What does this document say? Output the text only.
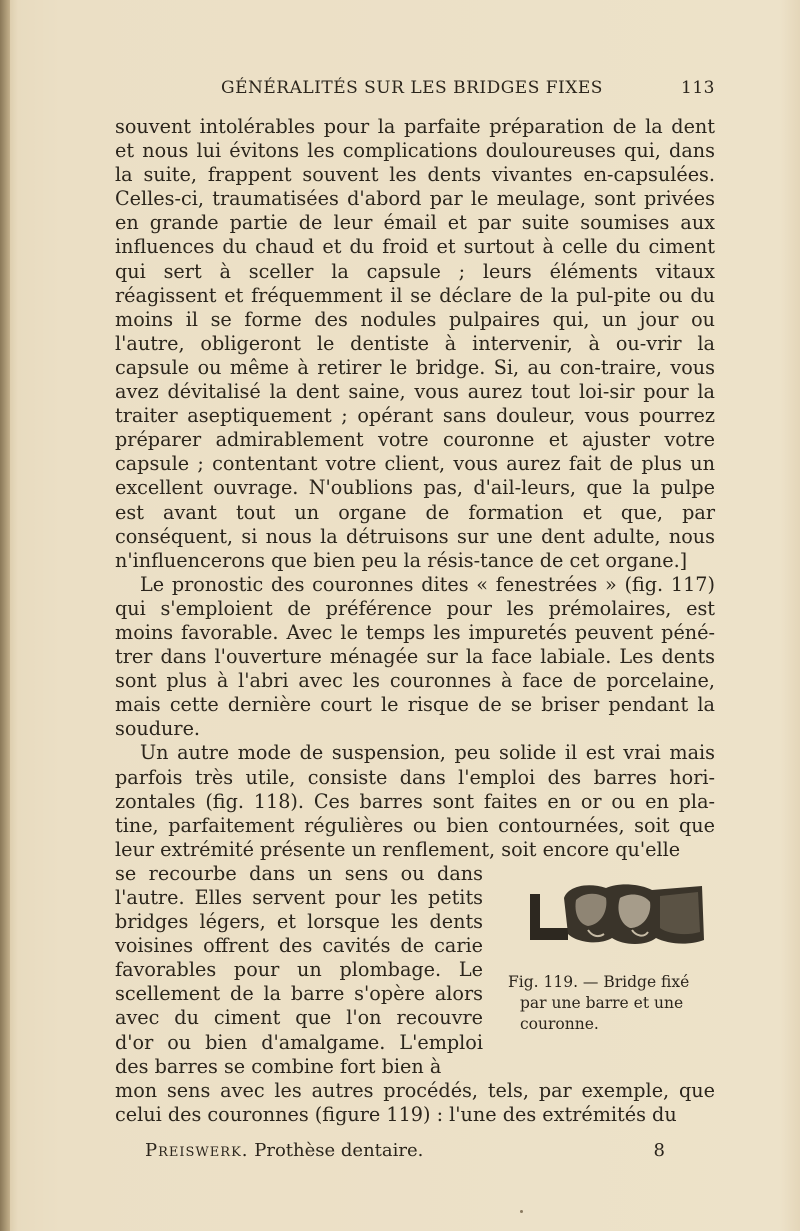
GÉNÉRALITÉS SUR LES BRIDGES FIXES	113

souvent intolérables pour la parfaite préparation de la dent et nous lui évitons les complications douloureuses qui, dans la suite, frappent souvent les dents vivantes en-capsulées. Celles-ci, traumatisées d'abord par le meulage, sont privées en grande partie de leur émail et par suite soumises aux influences du chaud et du froid et surtout à celle du ciment qui sert à sceller la capsule ; leurs éléments vitaux réagissent et fréquemment il se déclare de la pul-pite ou du moins il se forme des nodules pulpaires qui, un jour ou l'autre, obligeront le dentiste à intervenir, à ou-vrir la capsule ou même à retirer le bridge. Si, au con-traire, vous avez dévitalisé la dent saine, vous aurez tout loi-sir pour la traiter aseptiquement ; opérant sans douleur, vous pourrez préparer admirablement votre couronne et ajuster votre capsule ; contentant votre client, vous aurez fait de plus un excellent ouvrage. N'oublions pas, d'ail-leurs, que la pulpe est avant tout un organe de formation et que, par conséquent, si nous la détruisons sur une dent adulte, nous n'influencerons que bien peu la résis-tance de cet organe.]

Le pronostic des couronnes dites « fenestrées » (fig. 117) qui s'emploient de préférence pour les prémolaires, est moins favorable. Avec le temps les impuretés peuvent péné-trer dans l'ouverture ménagée sur la face labiale. Les dents sont plus à l'abri avec les couronnes à face de porcelaine, mais cette dernière court le risque de se briser pendant la soudure.

Un autre mode de suspension, peu solide il est vrai mais parfois très utile, consiste dans l'emploi des barres hori-zontales (fig. 118). Ces barres sont faites en or ou en pla-tine, parfaitement régulières ou bien contournées, soit que leur extrémité présente un renflement, soit encore qu'elle

se recourbe dans un sens ou dans l'autre. Elles servent pour les petits bridges légers, et lorsque les dents voisines offrent des cavités de carie favorables pour un plombage. Le scellement de la barre s'opère alors avec du ciment que l'on recouvre d'or ou bien d'amalgame. L'emploi des barres se combine fort bien à

Fig. 119. — Bridge fixé
par une barre et une
couronne.

mon sens avec les autres procédés, tels, par exemple, que celui des couronnes (figure 119) : l'une des extrémités du

Preiswerk. Prothèse dentaire.	8
